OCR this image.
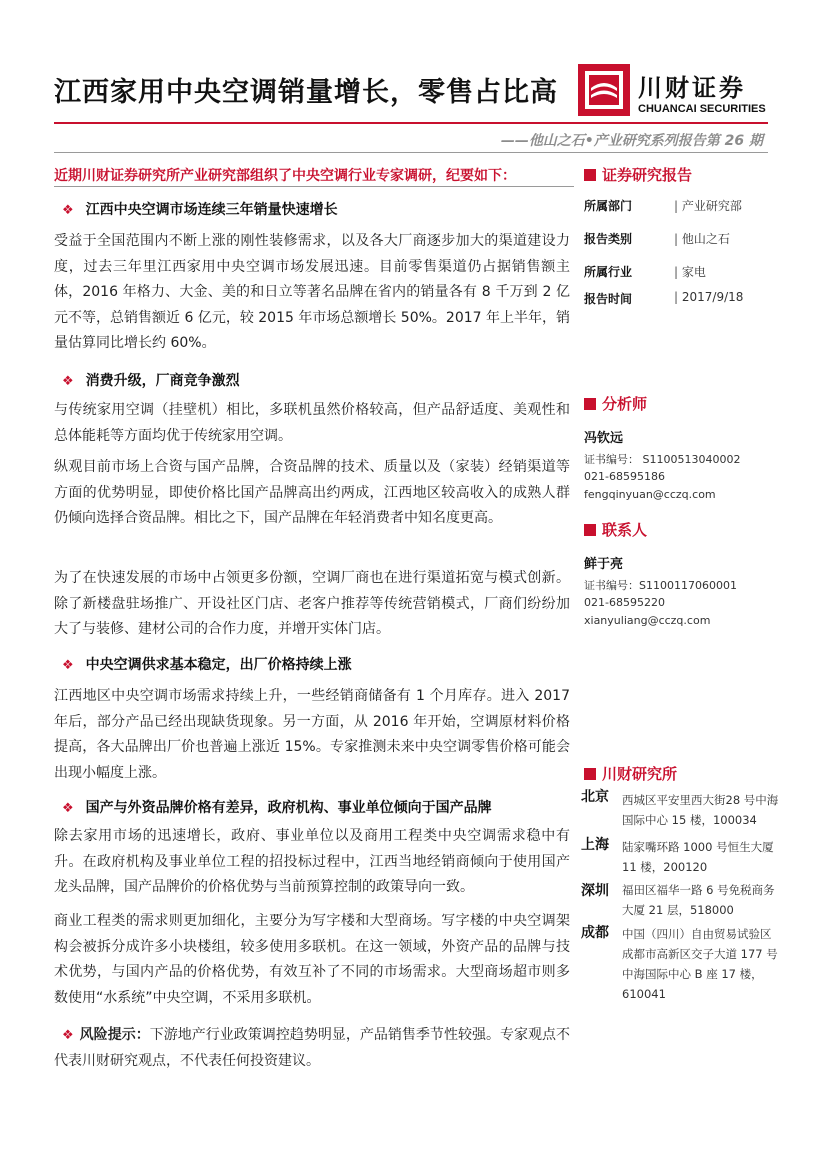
江西家用中央空调销量增长，零售占比高	川财证券
CHUANCAI SECURITIES
——他山之石•产业研究系列报告第 26 期
近期川财证券研究所产业研究部组织了中央空调行业专家调研，纪要如下：
❖ 江西中央空调市场连续三年销量快速增长
受益于全国范围内不断上涨的刚性装修需求，以及各大厂商逐步加大的渠道建设力度，过去三年里江西家用中央空调市场发展迅速。目前零售渠道仍占据销售额主体，2016 年格力、大金、美的和日立等著名品牌在省内的销量各有 8 千万到 2 亿元不等，总销售额近 6 亿元，较 2015 年市场总额增长 50%。2017 年上半年，销量估算同比增长约 60%。
❖ 消费升级，厂商竞争激烈
与传统家用空调（挂壁机）相比，多联机虽然价格较高，但产品舒适度、美观性和总体能耗等方面均优于传统家用空调。
纵观目前市场上合资与国产品牌，合资品牌的技术、质量以及（家装）经销渠道等方面的优势明显，即使价格比国产品牌高出约两成，江西地区较高收入的成熟人群仍倾向选择合资品牌。相比之下，国产品牌在年轻消费者中知名度更高。
为了在快速发展的市场中占领更多份额，空调厂商也在进行渠道拓宽与模式创新。除了新楼盘驻场推广、开设社区门店、老客户推荐等传统营销模式，厂商们纷纷加大了与装修、建材公司的合作力度，并增开实体门店。
❖ 中央空调供求基本稳定，出厂价格持续上涨
江西地区中央空调市场需求持续上升，一些经销商储备有 1 个月库存。进入 2017 年后，部分产品已经出现缺货现象。另一方面，从 2016 年开始，空调原材料价格提高，各大品牌出厂价也普遍上涨近 15%。专家推测未来中央空调零售价格可能会出现小幅度上涨。
❖ 国产与外资品牌价格有差异，政府机构、事业单位倾向于国产品牌
除去家用市场的迅速增长，政府、事业单位以及商用工程类中央空调需求稳中有升。在政府机构及事业单位工程的招投标过程中，江西当地经销商倾向于使用国产龙头品牌，国产品牌价的价格优势与当前预算控制的政策导向一致。
商业工程类的需求则更加细化，主要分为写字楼和大型商场。写字楼的中央空调架构会被拆分成许多小块楼组，较多使用多联机。在这一领域，外资产品的品牌与技术优势，与国内产品的价格优势，有效互补了不同的市场需求。大型商场超市则多数使用“水系统”中央空调，不采用多联机。
❖ 风险提示：下游地产行业政策调控趋势明显，产品销售季节性较强。专家观点不代表川财研究观点，不代表任何投资建议。
证券研究报告
所属部门	| 产业研究部
报告类别	| 他山之石
所属行业	| 家电
报告时间	| 2017/9/18
分析师
冯钦远
证书编号： S1100513040002
021-68595186
fengqinyuan@cczq.com
联系人
鲜于亮
证书编号：S1100117060001
021-68595220
xianyuliang@cczq.com
川财研究所
北京 西城区平安里西大街28 号中海国际中心 15 楼，100034
上海 陆家嘴环路 1000 号恒生大厦 11 楼，200120
深圳 福田区福华一路 6 号免税商务大厦 21 层，518000
成都 中国（四川）自由贸易试验区成都市高新区交子大道 177 号中海国际中心 B 座 17 楼，610041
